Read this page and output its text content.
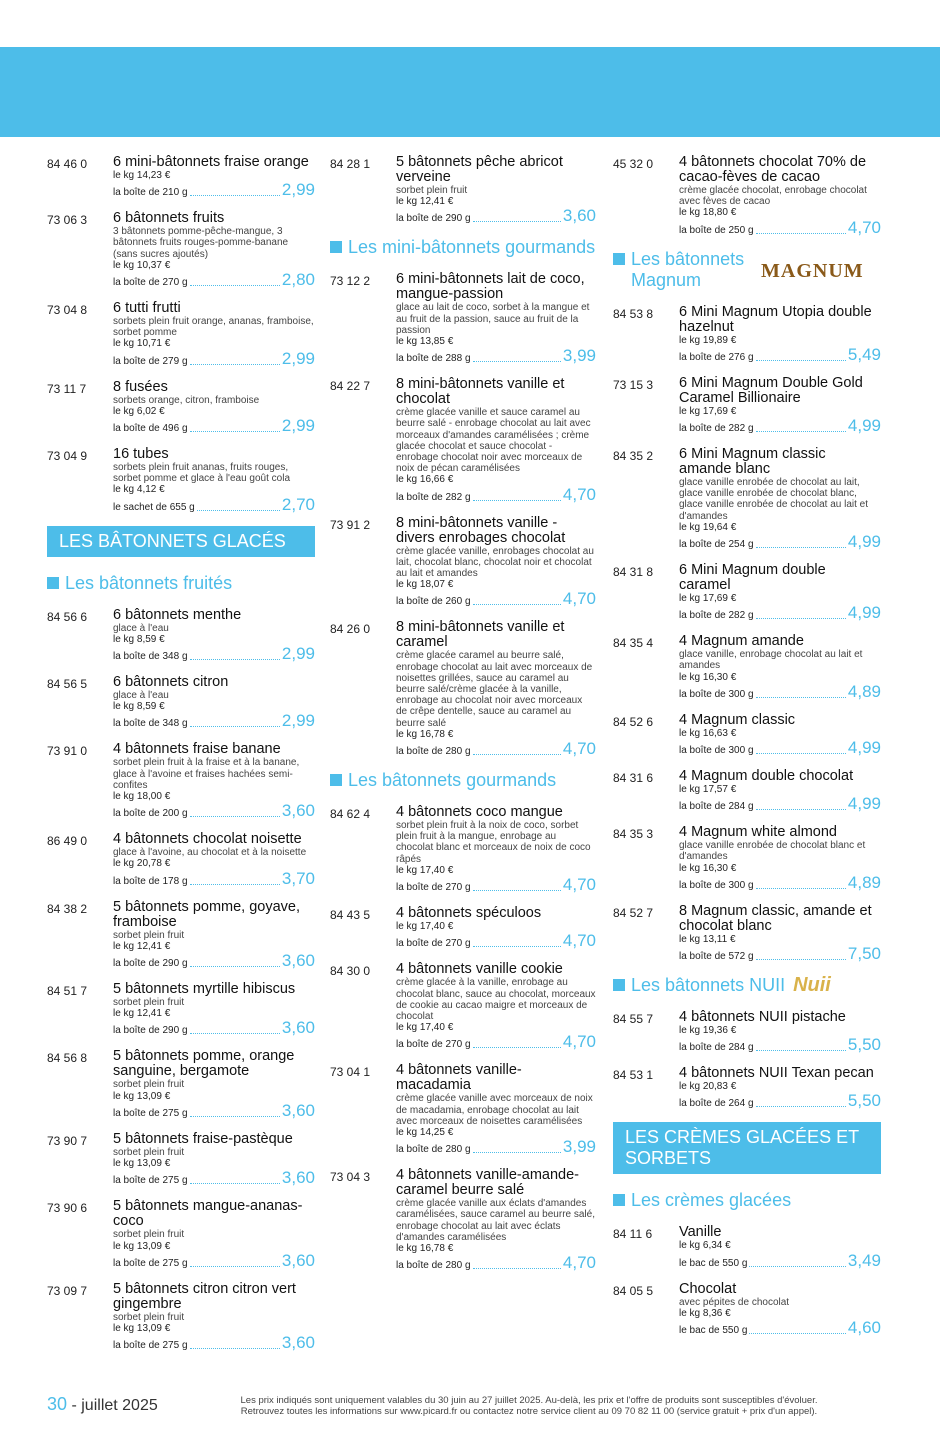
84 46 0	6 mini-bâtonnets fraise orange
le kg 14,23 €
la boîte de 210 g	2,99
73 06 3	6 bâtonnets fruits
3 bâtonnets pomme-pêche-mangue, 3 bâtonnets fruits rouges-pomme-banane (sans sucres ajoutés)
le kg 10,37 €
la boîte de 270 g	2,80
73 04 8	6 tutti frutti
sorbets plein fruit orange, ananas, framboise, sorbet pomme
le kg 10,71 €
la boîte de 279 g	2,99
73 11 7	8 fusées
sorbets orange, citron, framboise
le kg 6,02 €
la boîte de 496 g	2,99
73 04 9	16 tubes
sorbets plein fruit ananas, fruits rouges, sorbet pomme et glace à l'eau goût cola
le kg 4,12 €
le sachet de 655 g	2,70
LES BÂTONNETS GLACÉS
Les bâtonnets fruités
84 56 6	6 bâtonnets menthe
glace à l'eau
le kg 8,59 €
la boîte de 348 g	2,99
84 56 5	6 bâtonnets citron
glace à l'eau
le kg 8,59 €
la boîte de 348 g	2,99
73 91 0	4 bâtonnets fraise banane
sorbet plein fruit à la fraise et à la banane, glace à l'avoine et fraises hachées semi-confites
le kg 18,00 €
la boîte de 200 g	3,60
86 49 0	4 bâtonnets chocolat noisette
glace à l'avoine, au chocolat et à la noisette
le kg 20,78 €
la boîte de 178 g	3,70
84 38 2	5 bâtonnets pomme, goyave, framboise
sorbet plein fruit
le kg 12,41 €
la boîte de 290 g	3,60
84 51 7	5 bâtonnets myrtille hibiscus
sorbet plein fruit
le kg 12,41 €
la boîte de 290 g	3,60
84 56 8	5 bâtonnets pomme, orange sanguine, bergamote
sorbet plein fruit
le kg 13,09 €
la boîte de 275 g	3,60
73 90 7	5 bâtonnets fraise-pastèque
sorbet plein fruit
le kg 13,09 €
la boîte de 275 g	3,60
73 90 6	5 bâtonnets mangue-ananas-coco
sorbet plein fruit
le kg 13,09 €
la boîte de 275 g	3,60
73 09 7	5 bâtonnets citron citron vert gingembre
sorbet plein fruit
le kg 13,09 €
la boîte de 275 g	3,60
84 28 1	5 bâtonnets pêche abricot verveine
sorbet plein fruit
le kg 12,41 €
la boîte de 290 g	3,60
Les mini-bâtonnets gourmands
73 12 2	6 mini-bâtonnets lait de coco, mangue-passion
glace au lait de coco, sorbet à la mangue et au fruit de la passion, sauce au fruit de la passion
le kg 13,85 €
la boîte de 288 g	3,99
84 22 7	8 mini-bâtonnets vanille et chocolat
crème glacée vanille et sauce caramel au beurre salé - enrobage chocolat au lait avec morceaux d'amandes caramélisées ; crème glacée chocolat et sauce chocolat - enrobage chocolat noir avec morceaux de noix de pécan caramélisées
le kg 16,66 €
la boîte de 282 g	4,70
73 91 2	8 mini-bâtonnets vanille - divers enrobages chocolat
crème glacée vanille, enrobages chocolat au lait, chocolat blanc, chocolat noir et chocolat au lait et amandes
le kg 18,07 €
la boîte de 260 g	4,70
84 26 0	8 mini-bâtonnets vanille et caramel
crème glacée caramel au beurre salé, enrobage chocolat au lait avec morceaux de noisettes grillées, sauce au caramel au beurre salé/crème glacée à la vanille, enrobage au chocolat noir avec morceaux de crêpe dentelle, sauce au caramel au beurre salé
le kg 16,78 €
la boîte de 280 g	4,70
Les bâtonnets gourmands
84 62 4	4 bâtonnets coco mangue
sorbet plein fruit à la noix de coco, sorbet plein fruit à la mangue, enrobage au chocolat blanc et morceaux de noix de coco râpés
le kg 17,40 €
la boîte de 270 g	4,70
84 43 5	4 bâtonnets spéculoos
le kg 17,40 €
la boîte de 270 g	4,70
84 30 0	4 bâtonnets vanille cookie
crème glacée à la vanille, enrobage au chocolat blanc, sauce au chocolat, morceaux de cookie au cacao maigre et morceaux de chocolat
le kg 17,40 €
la boîte de 270 g	4,70
73 04 1	4 bâtonnets vanille-macadamia
crème glacée vanille avec morceaux de noix de macadamia, enrobage chocolat au lait avec morceaux de noisettes caramélisées
le kg 14,25 €
la boîte de 280 g	3,99
73 04 3	4 bâtonnets vanille-amande-caramel beurre salé
crème glacée vanille aux éclats d'amandes caramélisées, sauce caramel au beurre salé, enrobage chocolat au lait avec éclats d'amandes caramélisées
le kg 16,78 €
la boîte de 280 g	4,70
45 32 0	4 bâtonnets chocolat 70% de cacao-fèves de cacao
crème glacée chocolat, enrobage chocolat avec fèves de cacao
le kg 18,80 €
la boîte de 250 g	4,70
Les bâtonnets Magnum	MAGNUM
84 53 8	6 Mini Magnum Utopia double hazelnut
le kg 19,89 €
la boîte de 276 g	5,49
73 15 3	6 Mini Magnum Double Gold Caramel Billionaire
le kg 17,69 €
la boîte de 282 g	4,99
84 35 2	6 Mini Magnum classic amande blanc
glace vanille enrobée de chocolat au lait, glace vanille enrobée de chocolat blanc, glace vanille enrobée de chocolat au lait et d'amandes
le kg 19,64 €
la boîte de 254 g	4,99
84 31 8	6 Mini Magnum double caramel
le kg 17,69 €
la boîte de 282 g	4,99
84 35 4	4 Magnum amande
glace vanille, enrobage chocolat au lait et amandes
le kg 16,30 €
la boîte de 300 g	4,89
84 52 6	4 Magnum classic
le kg 16,63 €
la boîte de 300 g	4,99
84 31 6	4 Magnum double chocolat
le kg 17,57 €
la boîte de 284 g	4,99
84 35 3	4 Magnum white almond
glace vanille enrobée de chocolat blanc et d'amandes
le kg 16,30 €
la boîte de 300 g	4,89
84 52 7	8 Magnum classic, amande et chocolat blanc
le kg 13,11 €
la boîte de 572 g	7,50
Les bâtonnets NUII Nuii
84 55 7	4 bâtonnets NUII pistache
le kg 19,36 €
la boîte de 284 g	5,50
84 53 1	4 bâtonnets NUII Texan pecan
le kg 20,83 €
la boîte de 264 g	5,50
LES CRÈMES GLACÉES ET SORBETS
Les crèmes glacées
84 11 6	Vanille
le kg 6,34 €
le bac de 550 g	3,49
84 05 5	Chocolat
avec pépites de chocolat
le kg 8,36 €
le bac de 550 g	4,60
30 - juillet 2025	Les prix indiqués sont uniquement valables du 30 juin au 27 juillet 2025. Au-delà, les prix et l'offre de produits sont susceptibles d'évoluer.
Retrouvez toutes les informations sur www.picard.fr ou contactez notre service client au 09 70 82 11 00 (service gratuit + prix d'un appel).
